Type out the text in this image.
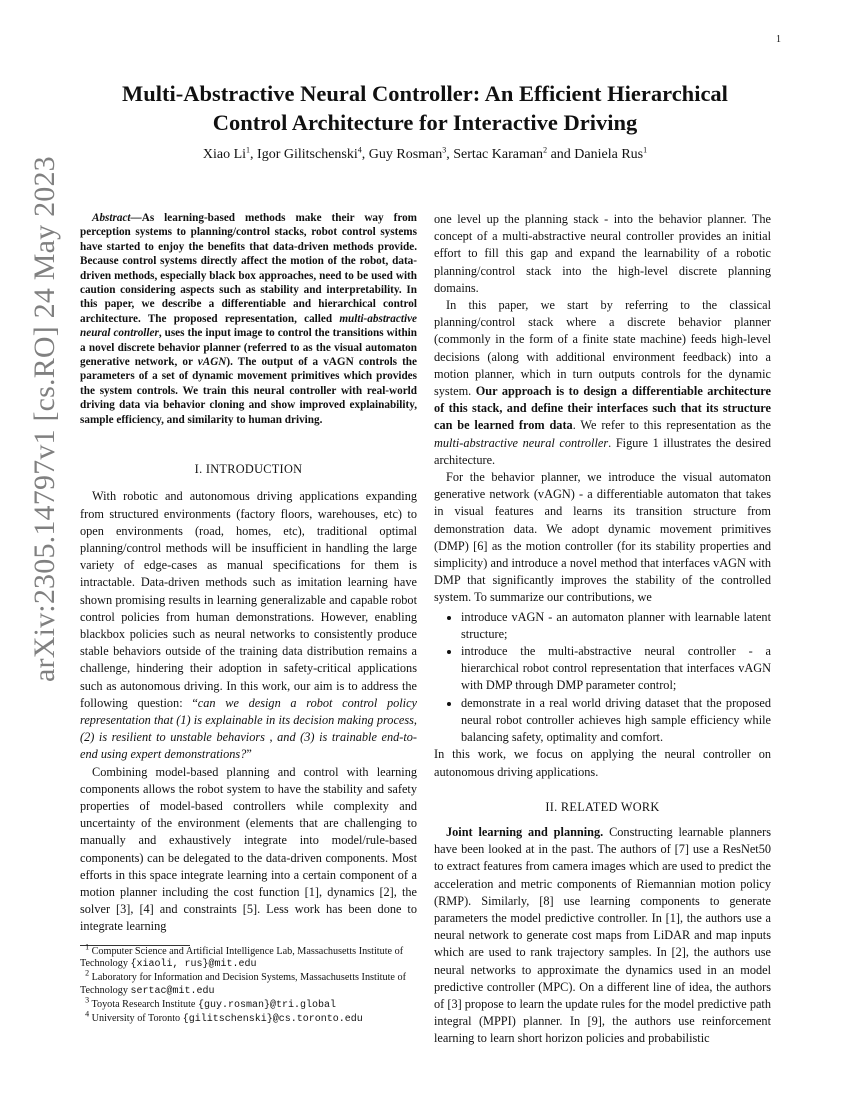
1
arXiv:2305.14797v1 [cs.RO] 24 May 2023
Multi-Abstractive Neural Controller: An Efficient Hierarchical
Control Architecture for Interactive Driving
Xiao Li$^1$, Igor Gilitschenski$^4$, Guy Rosman$^3$, Sertac Karaman$^2$ and Daniela Rus$^1$

Abstract—As learning-based methods make their way from perception systems to planning/control stacks, robot control systems have started to enjoy the benefits that data-driven methods provide. Because control systems directly affect the motion of the robot, data-driven methods, especially black box approaches, need to be used with caution considering aspects such as stability and interpretability. In this paper, we describe a differentiable and hierarchical control architecture. The proposed representation, called multi-abstractive neural controller, uses the input image to control the transitions within a novel discrete behavior planner (referred to as the visual automaton generative network, or vAGN). The output of a vAGN controls the parameters of a set of dynamic movement primitives which provides the system controls. We train this neural controller with real-world driving data via behavior cloning and show improved explainability, sample efficiency, and similarity to human driving.

I. INTRODUCTION

With robotic and autonomous driving applications expanding from structured environments (factory floors, warehouses, etc) to open environments (road, homes, etc), traditional optimal planning/control methods will be insufficient in handling the large variety of edge-cases as manual specifications for them is intractable. Data-driven methods such as imitation learning have shown promising results in learning generalizable and capable robot control policies from human demonstrations. However, enabling blackbox policies such as neural networks to consistently produce stable behaviors outside of the training data distribution remains a challenge, hindering their adoption in safety-critical applications such as autonomous driving. In this work, our aim is to address the following question: “can we design a robot control policy representation that (1) is explainable in its decision making process, (2) is resilient to unstable behaviors , and (3) is trainable end-to-end using expert demonstrations?”

Combining model-based planning and control with learning components allows the robot system to have the stability and safety properties of model-based controllers while complexity and uncertainty of the environment (elements that are challenging to manually and exhaustively integrate into model/rule-based components) can be delegated to the data-driven components. Most efforts in this space integrate learning into a certain component of a motion planner including the cost function [1], dynamics [2], the solver [3], [4] and constraints [5]. Less work has been done to integrate learning

$^1$ Computer Science and Artificial Intelligence Lab, Massachusetts Institute of Technology {xiaoli, rus}@mit.edu

$^2$ Laboratory for Information and Decision Systems, Massachusetts Institute of Technology sertac@mit.edu

$^3$ Toyota Research Institute {guy.rosman}@tri.global

$^4$ University of Toronto {gilitschenski}@cs.toronto.edu

one level up the planning stack - into the behavior planner. The concept of a multi-abstractive neural controller provides an initial effort to fill this gap and expand the learnability of a robotic planning/control stack into the high-level discrete planning domains.

In this paper, we start by referring to the classical planning/control stack where a discrete behavior planner (commonly in the form of a finite state machine) feeds high-level decisions (along with additional environment feedback) into a motion planner, which in turn outputs controls for the dynamic system. Our approach is to design a differentiable architecture of this stack, and define their interfaces such that its structure can be learned from data. We refer to this representation as the multi-abstractive neural controller. Figure 1 illustrates the desired architecture.

For the behavior planner, we introduce the visual automaton generative network (vAGN) - a differentiable automaton that takes in visual features and learns its transition structure from demonstration data. We adopt dynamic movement primitives (DMP) [6] as the motion controller (for its stability properties and simplicity) and introduce a novel method that interfaces vAGN with DMP that significantly improves the stability of the controlled system. To summarize our contributions, we

• introduce vAGN - an automaton planner with learnable latent structure;
• introduce the multi-abstractive neural controller - a hierarchical robot control representation that interfaces vAGN with DMP through DMP parameter control;
• demonstrate in a real world driving dataset that the proposed neural robot controller achieves high sample efficiency while balancing safety, optimality and comfort.

In this work, we focus on applying the neural controller on autonomous driving applications.

II. RELATED WORK

Joint learning and planning. Constructing learnable planners have been looked at in the past. The authors of [7] use a ResNet50 to extract features from camera images which are used to predict the acceleration and metric components of Riemannian motion policy (RMP). Similarly, [8] use learning components to generate parameters the model predictive controller. In [1], the authors use a neural network to generate cost maps from LiDAR and map inputs which are used to rank trajectory samples. In [2], the authors use neural networks to approximate the dynamics used in an model predictive controller (MPC). On a different line of idea, the authors of [3] propose to learn the update rules for the model predictive path integral (MPPI) planner. In [9], the authors use reinforcement learning to learn short horizon policies and probabilistic
